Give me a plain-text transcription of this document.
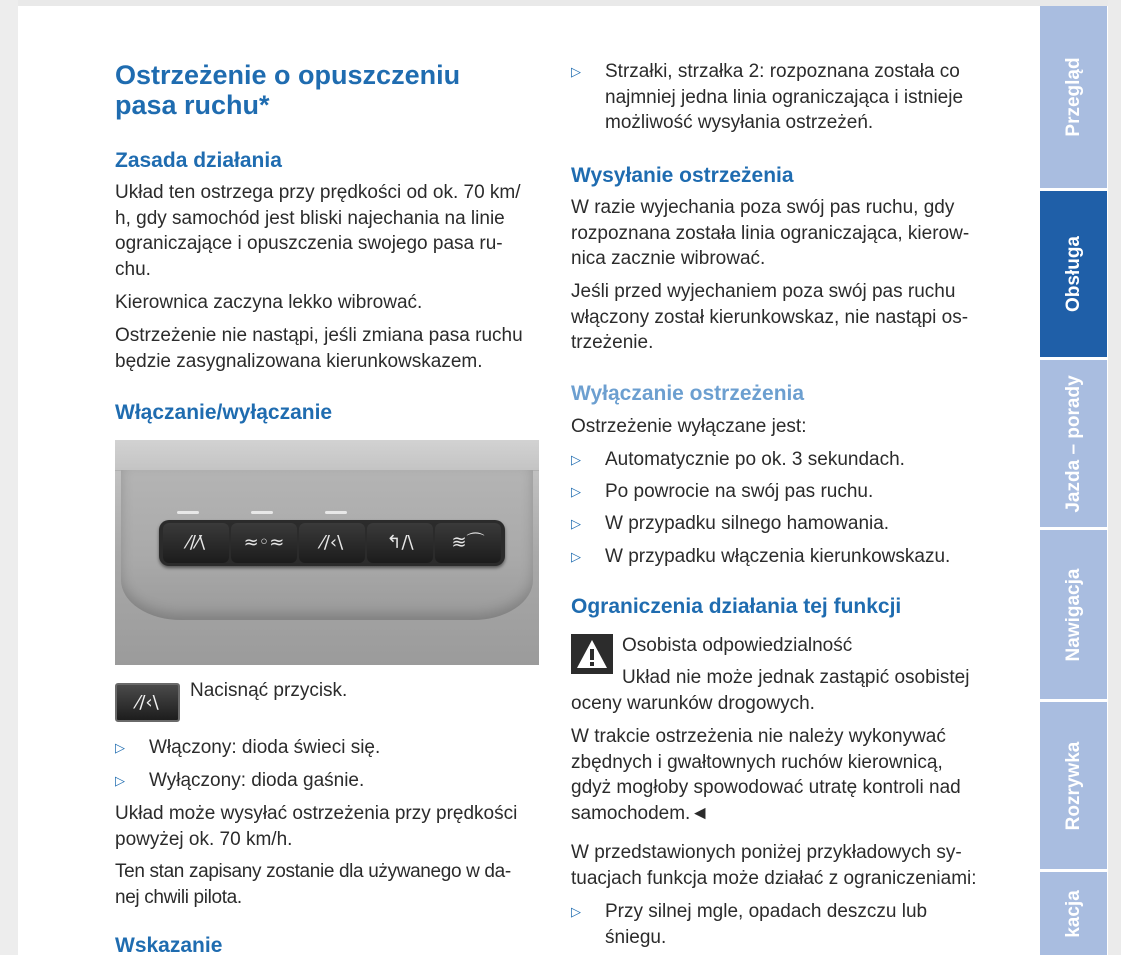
Ostrzeżenie o opuszczeniu
pasa ruchu*
Zasada działania
Układ ten ostrzega przy prędkości od ok. 70 km/
h, gdy samochód jest bliski najechania na linie
ograniczające i opuszczenia swojego pasa ru-
chu.
Kierownica zaczyna lekko wibrować.
Ostrzeżenie nie nastąpi, jeśli zmiana pasa ruchu
będzie zasygnalizowana kierunkowskazem.
Włączanie/wyłączanie
⁄/⁄\	≈◦≈	⁄/‹\	↰/\	≋⌒
⁄/‹\
Nacisnąć przycisk.
▷ Włączony: dioda świeci się.
▷ Wyłączony: dioda gaśnie.
Układ może wysyłać ostrzeżenia przy prędkości
powyżej ok. 70 km/h.
Ten stan zapisany zostanie dla używanego w da-
nej chwili pilota.
Wskazanie
▷ Strzałki, strzałka 2: rozpoznana została co
najmniej jedna linia ograniczająca i istnieje
możliwość wysyłania ostrzeżeń.
Wysyłanie ostrzeżenia
W razie wyjechania poza swój pas ruchu, gdy
rozpoznana została linia ograniczająca, kierow-
nica zacznie wibrować.
Jeśli przed wyjechaniem poza swój pas ruchu
włączony został kierunkowskaz, nie nastąpi os-
trzeżenie.
Wyłączanie ostrzeżenia
Ostrzeżenie wyłączane jest:
▷ Automatycznie po ok. 3 sekundach.
▷ Po powrocie na swój pas ruchu.
▷ W przypadku silnego hamowania.
▷ W przypadku włączenia kierunkowskazu.
Ograniczenia działania tej funkcji
Osobista odpowiedzialność
Układ nie może jednak zastąpić osobistej
oceny warunków drogowych.
W trakcie ostrzeżenia nie należy wykonywać
zbędnych i gwałtownych ruchów kierownicą,
gdyż mogłoby spowodować utratę kontroli nad
samochodem.◄
W przedstawionych poniżej przykładowych sy-
tuacjach funkcja może działać z ograniczeniami:
▷ Przy silnej mgle, opadach deszczu lub
śniegu.
Przegląd
Obsługa
Jazda – porady
Nawigacja
Rozrywka
kacja
